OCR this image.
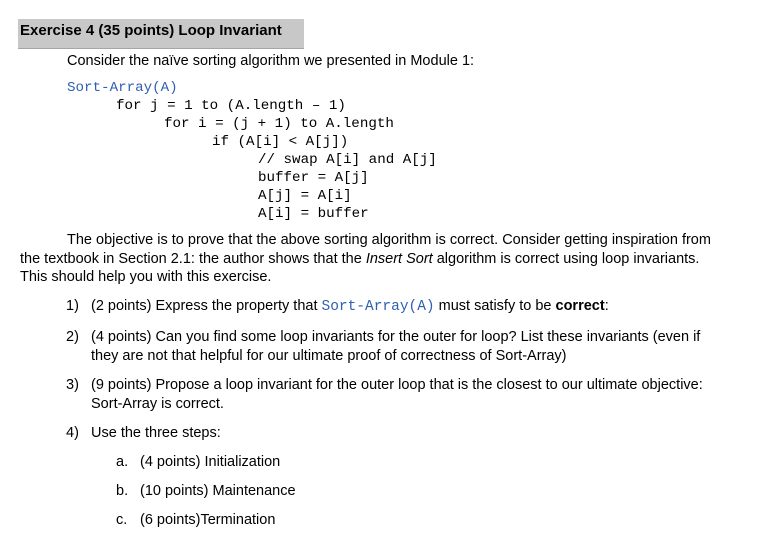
Exercise 4 (35 points) Loop Invariant
Consider the naïve sorting algorithm we presented in Module 1:
Sort-Array(A)
for j = 1 to (A.length – 1)
for i = (j + 1) to A.length
if (A[i] < A[j])
// swap A[i] and A[j]
buffer = A[j]
A[j] = A[i]
A[i] = buffer

The objective is to prove that the above sorting algorithm is correct. Consider getting inspiration from

the textbook in Section 2.1: the author shows that the Insert Sort algorithm is correct using loop invariants.

This should help you with this exercise.

1) (2 points) Express the property that Sort-Array(A) must satisfy to be correct:

2) (4 points) Can you find some loop invariants for the outer for loop? List these invariants (even if

they are not that helpful for our ultimate proof of correctness of Sort-Array)

3) (9 points) Propose a loop invariant for the outer loop that is the closest to our ultimate objective:

Sort-Array is correct.

4) Use the three steps:

a. (4 points) Initialization
b. (10 points) Maintenance
c. (6 points)Termination
